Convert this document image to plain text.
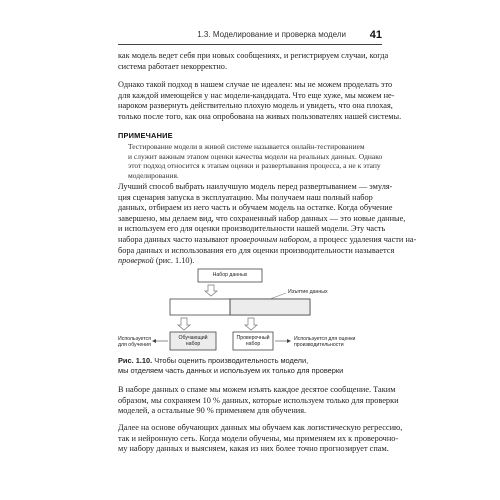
1.3. Моделирование и проверка модели 41
как модель ведет себя при новых сообщениях, и регистрируем случаи, когда
система работает некорректно.
Однако такой подход в нашем случае не идеален: мы не можем проделать это
для каждой имеющейся у нас модели-кандидата. Что еще хуже, мы можем не-
нароком развернуть действительно плохую модель и увидеть, что она плохая,
только после того, как она опробована на живых пользователях нашей системы.
ПРИМЕЧАНИЕ
Тестирование модели в живой системе называется онлайн-тестированием
и служит важным этапом оценки качества модели на реальных данных. Однако
этот подход относится к этапам оценки и развертывания процесса, а не к этапу
моделирования.
Лучший способ выбрать наилучшую модель перед развертыванием — эмуля-
ция сценария запуска в эксплуатацию. Мы получаем наш полный набор
данных, отбираем из него часть и обучаем модель на остатке. Когда обучение
завершено, мы делаем вид, что сохраненный набор данных — это новые данные,
и используем его для оценки производительности нашей модели. Эту часть
набора данных часто называют проверочным набором, а процесс удаления части на-
бора данных и использования его для оценки производительности называется
проверкой (рис. 1.10).
Набор данных
Изъятие данных
Обучающий
набор
Проверочный
набор
Используется
для обучения
Используется для оценки
производительности
Рис. 1.10. Чтобы оценить производительность модели,
мы отделяем часть данных и используем их только для проверки
В наборе данных о спаме мы можем изъять каждое десятое сообщение. Таким
образом, мы сохраняем 10 % данных, которые используем только для проверки
моделей, а остальные 90 % применяем для обучения.
Далее на основе обучающих данных мы обучаем как логистическую регрессию,
так и нейронную сеть. Когда модели обучены, мы применяем их к проверочно-
му набору данных и выясняем, какая из них более точно прогнозирует спам.
